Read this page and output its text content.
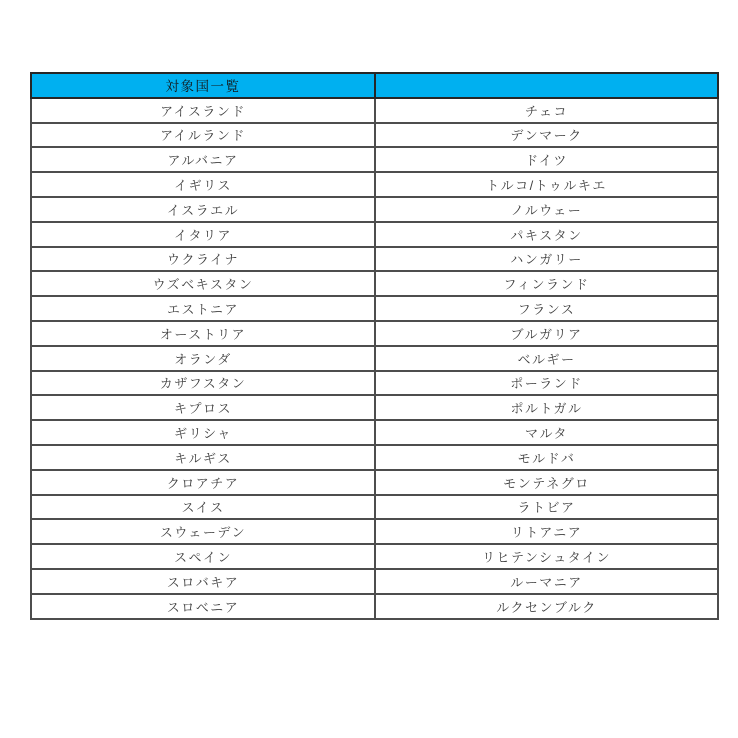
対象国一覧	
アイスランド	チェコ
アイルランド	デンマーク
アルバニア	ドイツ
イギリス	トルコ/トゥルキエ
イスラエル	ノルウェー
イタリア	パキスタン
ウクライナ	ハンガリー
ウズベキスタン	フィンランド
エストニア	フランス
オーストリア	ブルガリア
オランダ	ベルギー
カザフスタン	ポーランド
キプロス	ポルトガル
ギリシャ	マルタ
キルギス	モルドバ
クロアチア	モンテネグロ
スイス	ラトビア
スウェーデン	リトアニア
スペイン	リヒテンシュタイン
スロバキア	ルーマニア
スロベニア	ルクセンブルク
